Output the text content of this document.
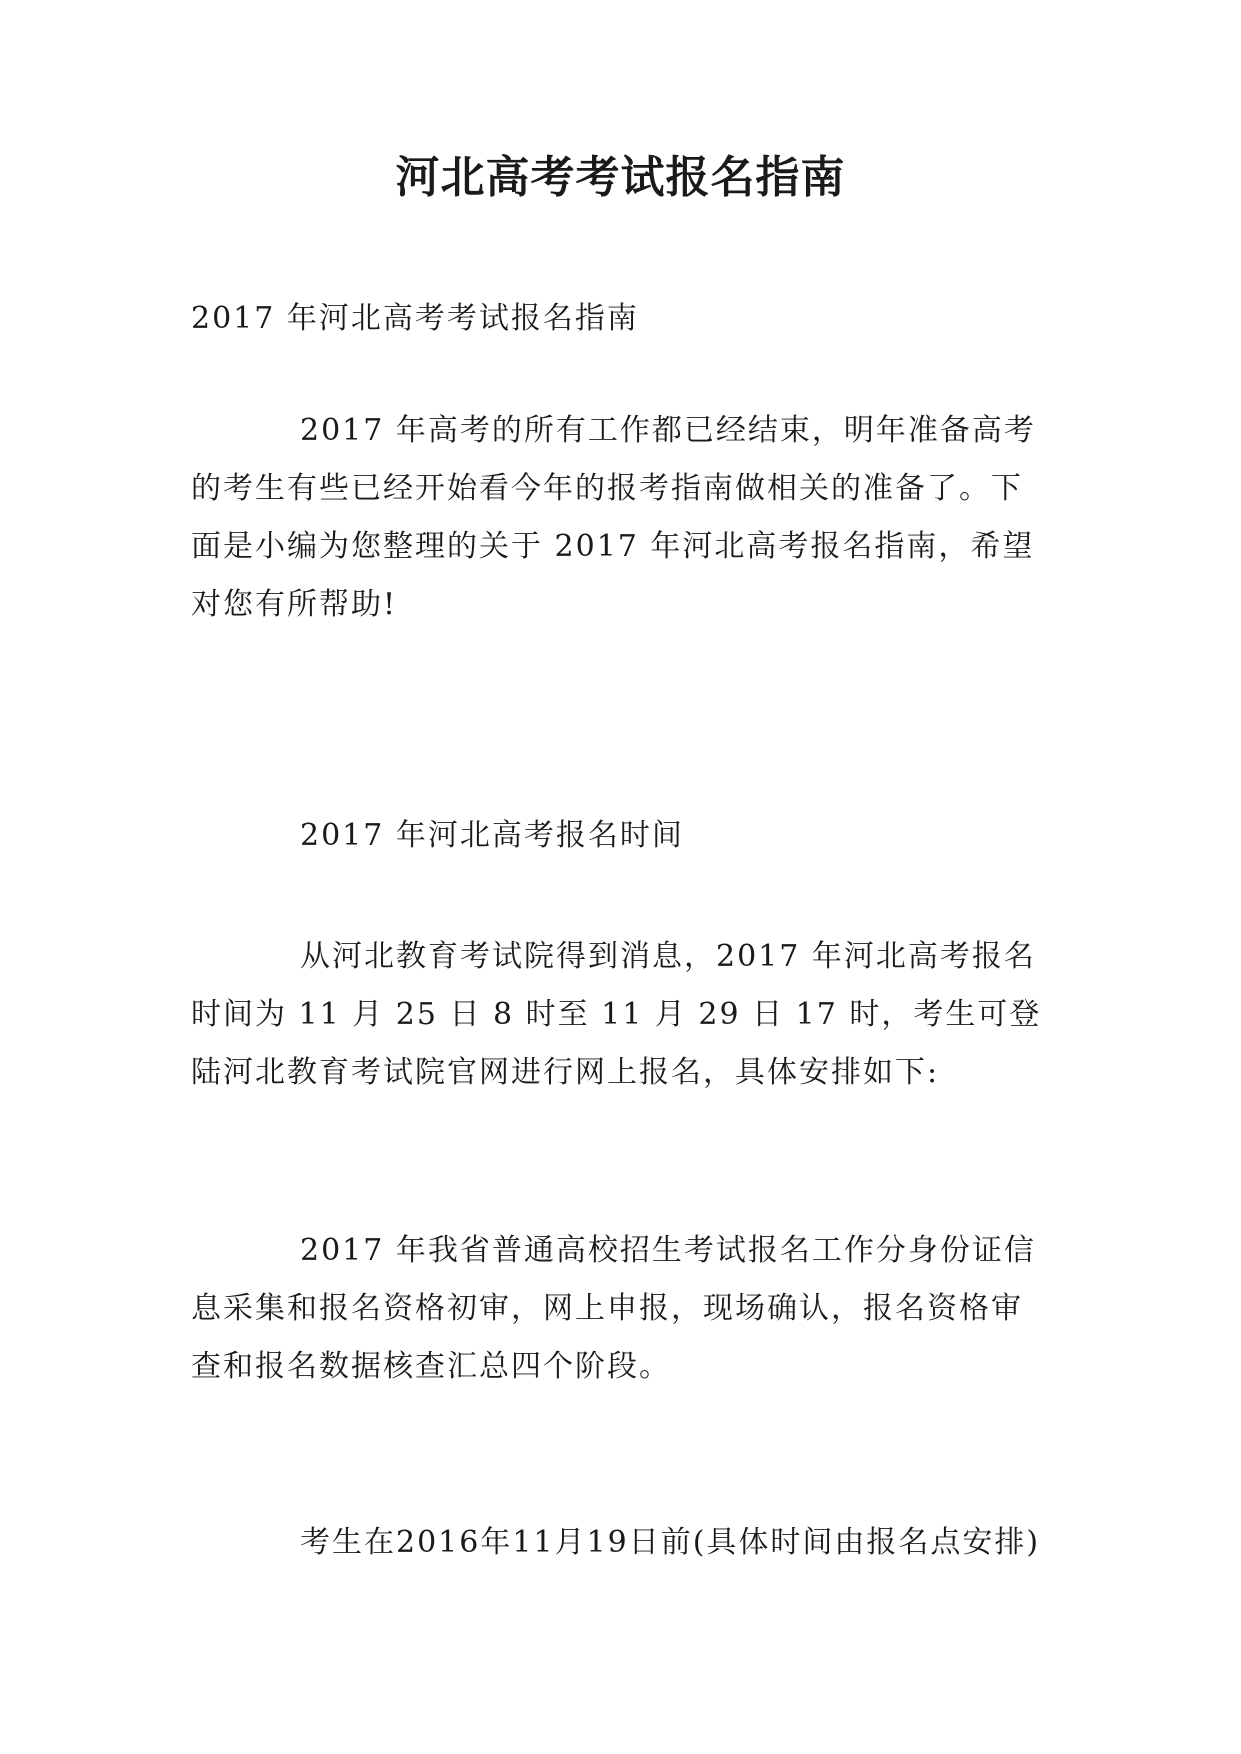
河北高考考试报名指南

2017 年河北高考考试报名指南

2017 年高考的所有工作都已经结束，明年准备高考的考生有些已经开始看今年的报考指南做相关的准备了。下面是小编为您整理的关于 2017 年河北高考报名指南，希望对您有所帮助!

2017 年河北高考报名时间

从河北教育考试院得到消息，2017 年河北高考报名时间为 11 月 25 日 8 时至 11 月 29 日 17 时，考生可登陆河北教育考试院官网进行网上报名，具体安排如下:

2017 年我省普通高校招生考试报名工作分身份证信息采集和报名资格初审，网上申报，现场确认，报名资格审查和报名数据核查汇总四个阶段。

考生在2016年11月19日前(具体时间由报名点安排)
